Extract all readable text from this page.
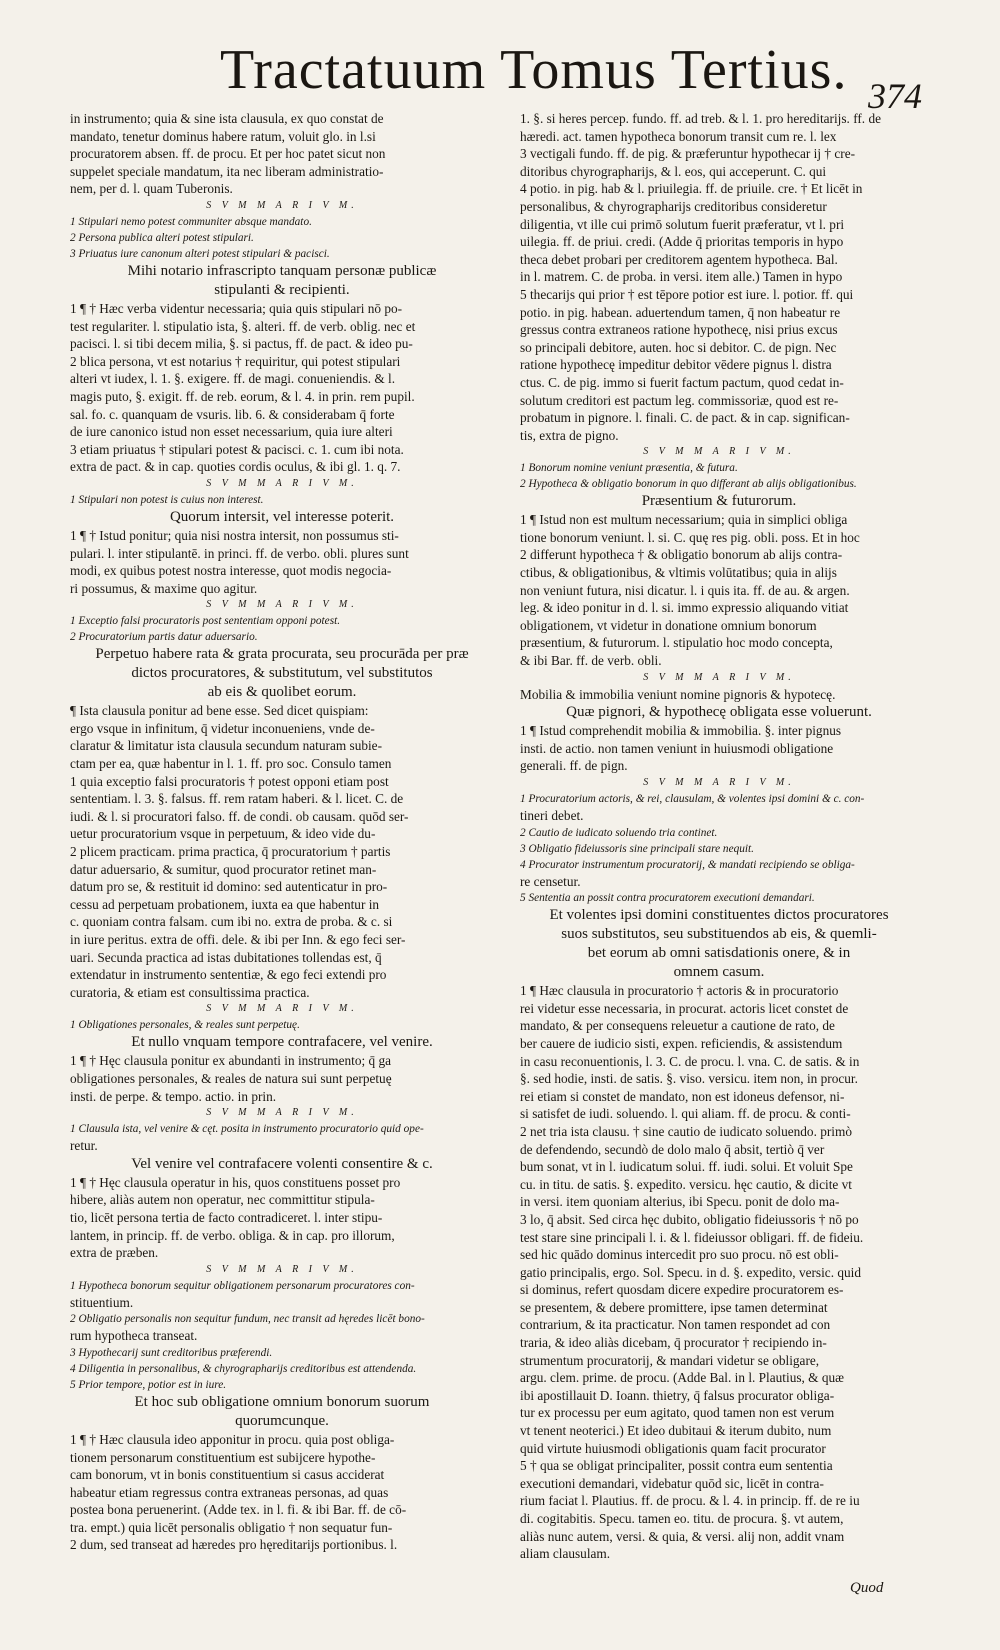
Tractatuum Tomus Tertius. 374
in instrumento; quia & sine ista clausula, ex quo constat de
mandato, tenetur dominus habere ratum, voluit glo. in l.si
procuratorem absen. ff. de procu. Et per hoc patet sicut non
suppelet speciale mandatum, ita nec liberam administratio-
nem, per d. l. quam Tuberonis.
S V M M A R I V M.
1 Stipulari nemo potest communiter absque mandato.
2 Persona publica alteri potest stipulari.
3 Priuatus iure canonum alteri potest stipulari & pacisci.
Mihi notario infrascripto tanquam personæ publicæ
stipulanti & recipienti.
1 ¶ † Hæc verba videntur necessaria; quia quis stipulari nō po-
test regulariter. l. stipulatio ista, §. alteri. ff. de verb. oblig. nec et
pacisci. l. si tibi decem milia, §. si pactus, ff. de pact. & ideo pu-
2 blica persona, vt est notarius † requiritur, qui potest stipulari
alteri vt iudex, l. 1. §. exigere. ff. de magi. conueniendis. & l.
magis puto, §. exigit. ff. de reb. eorum, & l. 4. in prin. rem pupil.
sal. fo. c. quanquam de vsuris. lib. 6. & considerabam q̄ forte
de iure canonico istud non esset necessarium, quia iure alteri
3 etiam priuatus † stipulari potest & pacisci. c. 1. cum ibi nota.
extra de pact. & in cap. quoties cordis oculus, & ibi gl. 1. q. 7.
S V M M A R I V M.
1 Stipulari non potest is cuius non interest.
Quorum intersit, vel interesse poterit.
1 ¶ † Istud ponitur; quia nisi nostra intersit, non possumus sti-
pulari. l. inter stipulantē. in princi. ff. de verbo. obli. plures sunt
modi, ex quibus potest nostra interesse, quot modis negocia-
ri possumus, & maxime quo agitur.
S V M M A R I V M.
1 Exceptio falsi procuratoris post sententiam opponi potest.
2 Procuratorium partis datur aduersario.
Perpetuo habere rata & grata procurata, seu procurāda per præ
dictos procuratores, & substitutum, vel substitutos
ab eis & quolibet eorum.
¶ Ista clausula ponitur ad bene esse. Sed dicet quispiam:
ergo vsque in infinitum, q̄ videtur inconueniens, vnde de-
claratur & limitatur ista clausula secundum naturam subie-
ctam per ea, quæ habentur in l. 1. ff. pro soc. Consulo tamen
1 quia exceptio falsi procuratoris † potest opponi etiam post
sententiam. l. 3. §. falsus. ff. rem ratam haberi. & l. licet. C. de
iudi. & l. si procuratori falso. ff. de condi. ob causam. quōd ser-
uetur procuratorium vsque in perpetuum, & ideo vide du-
2 plicem practicam. prima practica, q̄ procuratorium † partis
datur aduersario, & sumitur, quod procurator retinet man-
datum pro se, & restituit id domino: sed autenticatur in pro-
cessu ad perpetuam probationem, iuxta ea que habentur in
c. quoniam contra falsam. cum ibi no. extra de proba. & c. si
in iure peritus. extra de offi. dele. & ibi per Inn. & ego feci ser-
uari. Secunda practica ad istas dubitationes tollendas est, q̄
extendatur in instrumento sententiæ, & ego feci extendi pro
curatoria, & etiam est consultissima practica.
S V M M A R I V M.
1 Obligationes personales, & reales sunt perpetuę.
Et nullo vnquam tempore contrafacere, vel venire.
1 ¶ † Hęc clausula ponitur ex abundanti in instrumento; q̄ ga
obligationes personales, & reales de natura sui sunt perpetuę
insti. de perpe. & tempo. actio. in prin.
S V M M A R I V M.
1 Clausula ista, vel venire & cęt. posita in instrumento procuratorio quid ope-
retur.
Vel venire vel contrafacere volenti consentire & c.
1 ¶ † Hęc clausula operatur in his, quos constituens posset pro
hibere, aliàs autem non operatur, nec committitur stipula-
tio, licēt persona tertia de facto contradiceret. l. inter stipu-
lantem, in princip. ff. de verbo. obliga. & in cap. pro illorum,
extra de præben.
S V M M A R I V M.
1 Hypotheca bonorum sequitur obligationem personarum procuratores con-
stituentium.
2 Obligatio personalis non sequitur fundum, nec transit ad hęredes licēt bono-
rum hypotheca transeat.
3 Hypothecarij sunt creditoribus præferendi.
4 Diligentia in personalibus, & chyrographarijs creditoribus est attendenda.
5 Prior tempore, potior est in iure.
Et hoc sub obligatione omnium bonorum suorum
quorumcunque.
1 ¶ † Hæc clausula ideo apponitur in procu. quia post obliga-
tionem personarum constituentium est subijcere hypothe-
cam bonorum, vt in bonis constituentium si casus acciderat
habeatur etiam regressus contra extraneas personas, ad quas
postea bona peruenerint. (Adde tex. in l. fi. & ibi Bar. ff. de cō-
tra. empt.) quia licēt personalis obligatio † non sequatur fun-
2 dum, sed transeat ad hæredes pro hęreditarijs portionibus. l.
1. §. si heres percep. fundo. ff. ad treb. & l. 1. pro hereditarijs. ff. de
hæredi. act. tamen hypotheca bonorum transit cum re. l. lex
3 vectigali fundo. ff. de pig. & præferuntur hypothecar ij † cre-
ditoribus chyrographarijs, & l. eos, qui acceperunt. C. qui
4 potio. in pig. hab & l. priuilegia. ff. de priuile. cre. † Et licēt in
personalibus, & chyrographarijs creditoribus consideretur
diligentia, vt ille cui primō solutum fuerit præferatur, vt l. pri
uilegia. ff. de priui. credi. (Adde q̄ prioritas temporis in hypo
theca debet probari per creditorem agentem hypotheca. Bal.
in l. matrem. C. de proba. in versi. item alle.) Tamen in hypo
5 thecarijs qui prior † est tēpore potior est iure. l. potior. ff. qui
potio. in pig. habean. aduertendum tamen, q̄ non habeatur re
gressus contra extraneos ratione hypothecę, nisi prius excus
so principali debitore, auten. hoc si debitor. C. de pign. Nec
ratione hypothecę impeditur debitor vēdere pignus l. distra
ctus. C. de pig. immo si fuerit factum pactum, quod cedat in-
solutum creditori est pactum leg. commissoriæ, quod est re-
probatum in pignore. l. finali. C. de pact. & in cap. significan-
tis, extra de pigno.
S V M M A R I V M.
1 Bonorum nomine veniunt præsentia, & futura.
2 Hypotheca & obligatio bonorum in quo differant ab alijs obligationibus.
Præsentium & futurorum.
1 ¶ Istud non est multum necessarium; quia in simplici obliga
tione bonorum veniunt. l. si. C. quę res pig. obli. poss. Et in hoc
2 differunt hypotheca † & obligatio bonorum ab alijs contra-
ctibus, & obligationibus, & vltimis volūtatibus; quia in alijs
non veniunt futura, nisi dicatur. l. i quis ita. ff. de au. & argen.
leg. & ideo ponitur in d. l. si. immo expressio aliquando vitiat
obligationem, vt videtur in donatione omnium bonorum
præsentium, & futurorum. l. stipulatio hoc modo concepta,
& ibi Bar. ff. de verb. obli.
S V M M A R I V M.
Mobilia & immobilia veniunt nomine pignoris & hypotecę.
Quæ pignori, & hypothecę obligata esse voluerunt.
1 ¶ Istud comprehendit mobilia & immobilia. §. inter pignus
insti. de actio. non tamen veniunt in huiusmodi obligatione
generali. ff. de pign.
S V M M A R I V M.
1 Procuratorium actoris, & rei, clausulam, & volentes ipsi domini & c. con-
tineri debet.
2 Cautio de iudicato soluendo tria continet.
3 Obligatio fideiussoris sine principali stare nequit.
4 Procurator instrumentum procuratorij, & mandati recipiendo se obliga-
re censetur.
5 Sententia an possit contra procuratorem executioni demandari.
Et volentes ipsi domini constituentes dictos procuratores
suos substitutos, seu substituendos ab eis, & quemli-
bet eorum ab omni satisdationis onere, & in
omnem casum.
1 ¶ Hæc clausula in procuratorio † actoris & in procuratorio
rei videtur esse necessaria, in procurat. actoris licet constet de
mandato, & per consequens releuetur a cautione de rato, de
ber cauere de iudicio sisti, expen. reficiendis, & assistendum
in casu reconuentionis, l. 3. C. de procu. l. vna. C. de satis. & in
§. sed hodie, insti. de satis. §. viso. versicu. item non, in procur.
rei etiam si constet de mandato, non est idoneus defensor, ni-
si satisfet de iudi. soluendo. l. qui aliam. ff. de procu. & conti-
2 net tria ista clausu. † sine cautio de iudicato soluendo. primò
de defendendo, secundò de dolo malo q̄ absit, tertiò q̄ ver
bum sonat, vt in l. iudicatum solui. ff. iudi. solui. Et voluit Spe
cu. in titu. de satis. §. expedito. versicu. hęc cautio, & dicite vt
in versi. item quoniam alterius, ibi Specu. ponit de dolo ma-
3 lo, q̄ absit. Sed circa hęc dubito, obligatio fideiussoris † nō po
test stare sine principali l. i. & l. fideiussor obligari. ff. de fideiu.
sed hic quādo dominus intercedit pro suo procu. nō est obli-
gatio principalis, ergo. Sol. Specu. in d. §. expedito, versic. quid
si dominus, refert quosdam dicere expedire procuratorem es-
se presentem, & debere promittere, ipse tamen determinat
contrarium, & ita practicatur. Non tamen respondet ad con
traria, & ideo aliàs dicebam, q̄ procurator † recipiendo in-
strumentum procuratorij, & mandari videtur se obligare,
argu. clem. prime. de procu. (Adde Bal. in l. Plautius, & quæ
ibi apostillauit D. Ioann. thietry, q̄ falsus procurator obliga-
tur ex processu per eum agitato, quod tamen non est verum
vt tenent neoterici.) Et ideo dubitaui & iterum dubito, num
quid virtute huiusmodi obligationis quam facit procurator
5 † qua se obligat principaliter, possit contra eum sententia
executioni demandari, videbatur quōd sic, licēt in contra-
rium faciat l. Plautius. ff. de procu. & l. 4. in princip. ff. de re iu
di. cogitabitis. Specu. tamen eo. titu. de procura. §. vt autem,
aliàs nunc autem, versi. & quia, & versi. alij non, addit vnam
aliam clausulam.
Quod
